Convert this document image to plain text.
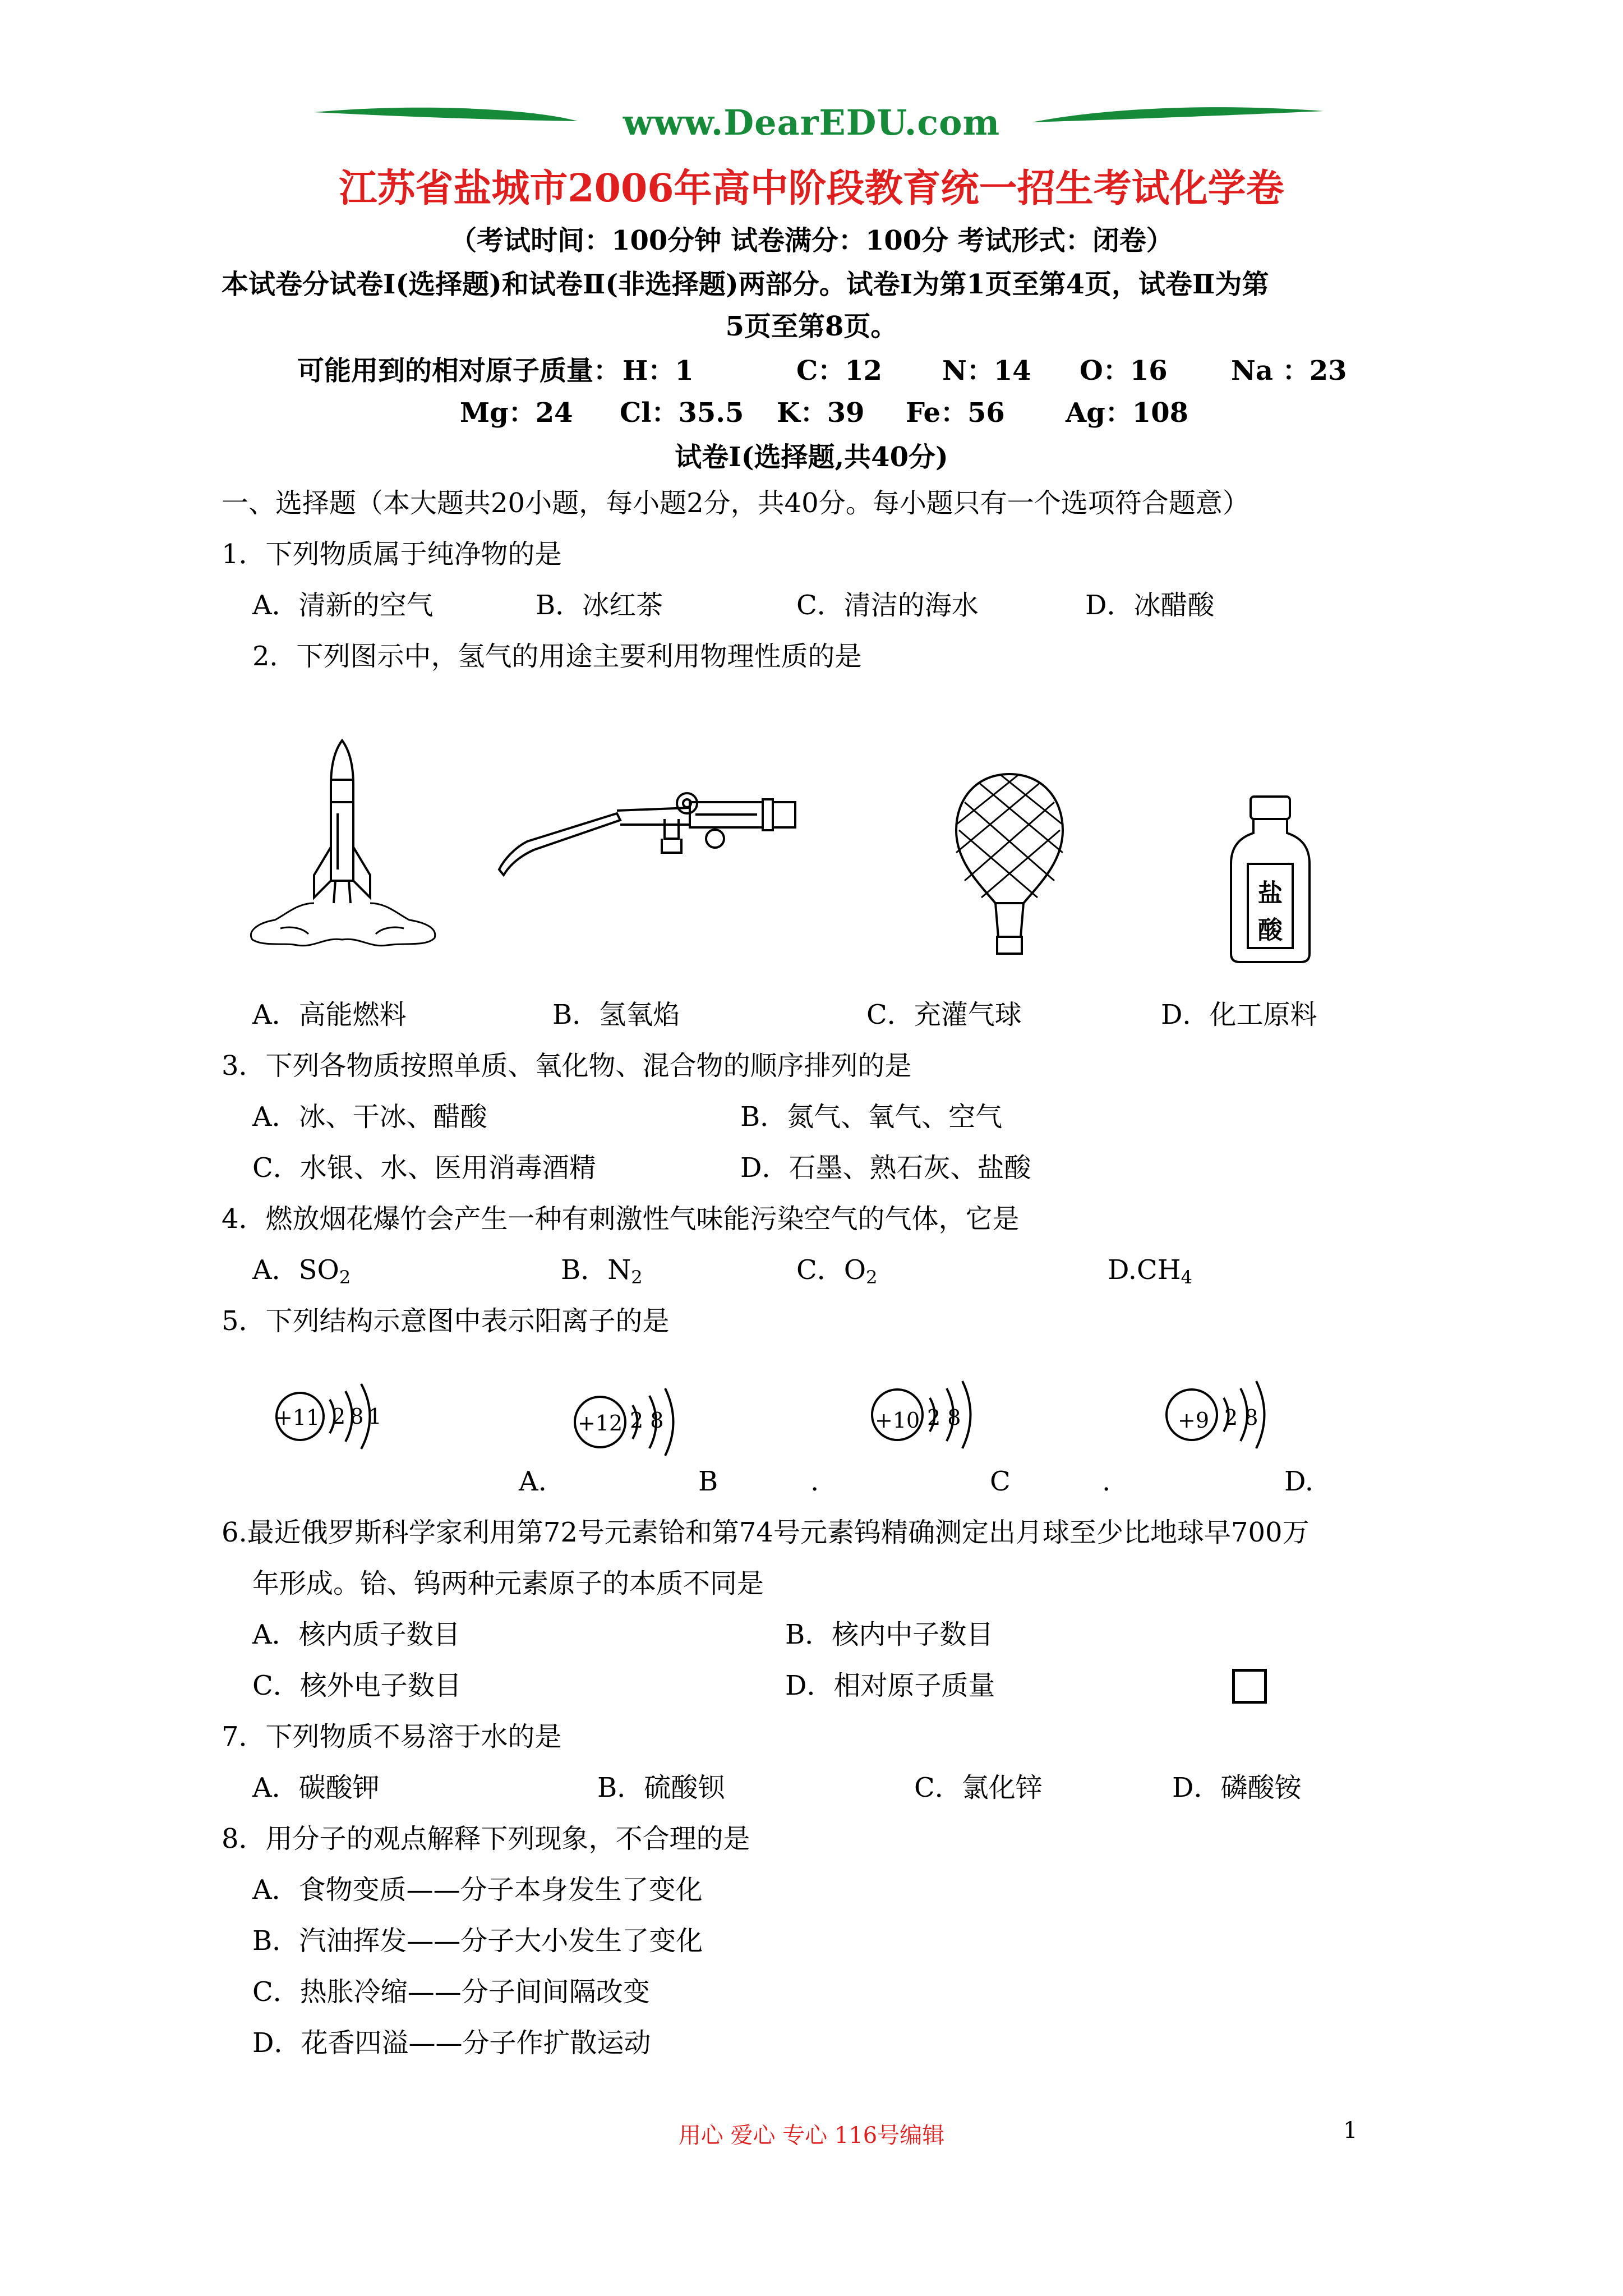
www.DearEDU.com
江苏省盐城市2006年高中阶段教育统一招生考试化学卷
（考试时间：100分钟 试卷满分：100分 考试形式：闭卷）
本试卷分试卷Ⅰ(选择题)和试卷Ⅱ(非选择题)两部分。试卷Ⅰ为第1页至第4页，试卷Ⅱ为第
5页至第8页。
可能用到的相对原子质量： H：1	C：12 N：14 O：16 Na ：23
Mg：24 Cl：35.5 K：39 Fe：56 Ag：108
试卷Ⅰ(选择题,共40分)
一、选择题（本大题共20小题，每小题2分，共40分。每小题只有一个选项符合题意）
1．下列物质属于纯净物的是
A．清新的空气	B．冰红茶	C．清洁的海水	D．冰醋酸
2．下列图示中，氢气的用途主要利用物理性质的是
盐酸
A．高能燃料	B．氢氧焰	C．充灌气球	D．化工原料
3．下列各物质按照单质、氧化物、混合物的顺序排列的是
A．冰、干冰、醋酸	B．氮气、氧气、空气
C．水银、水、医用消毒酒精	D．石墨、熟石灰、盐酸
4．燃放烟花爆竹会产生一种有刺激性气味能污染空气的气体，它是
A．$SO_2$	B．$N_2$	C．$O_2$	$D.CH_4$
5．下列结构示意图中表示阳离子的是
+11 2 8 1	+12 2 8	+10 2 8	+9 2 8
A.	B	.	C	.	D.
6.最近俄罗斯科学家利用第72号元素铪和第74号元素钨精确测定出月球至少比地球早700万
年形成。铪、钨两种元素原子的本质不同是
A．核内质子数目	B．核内中子数目
C．核外电子数目	D．相对原子质量
7．下列物质不易溶于水的是
A．碳酸钾	B．硫酸钡	C．氯化锌	D．磷酸铵
8．用分子的观点解释下列现象，不合理的是
A．食物变质——分子本身发生了变化
B．汽油挥发——分子大小发生了变化
C．热胀冷缩——分子间间隔改变
D．花香四溢——分子作扩散运动
用心 爱心 专心 116号编辑	1
